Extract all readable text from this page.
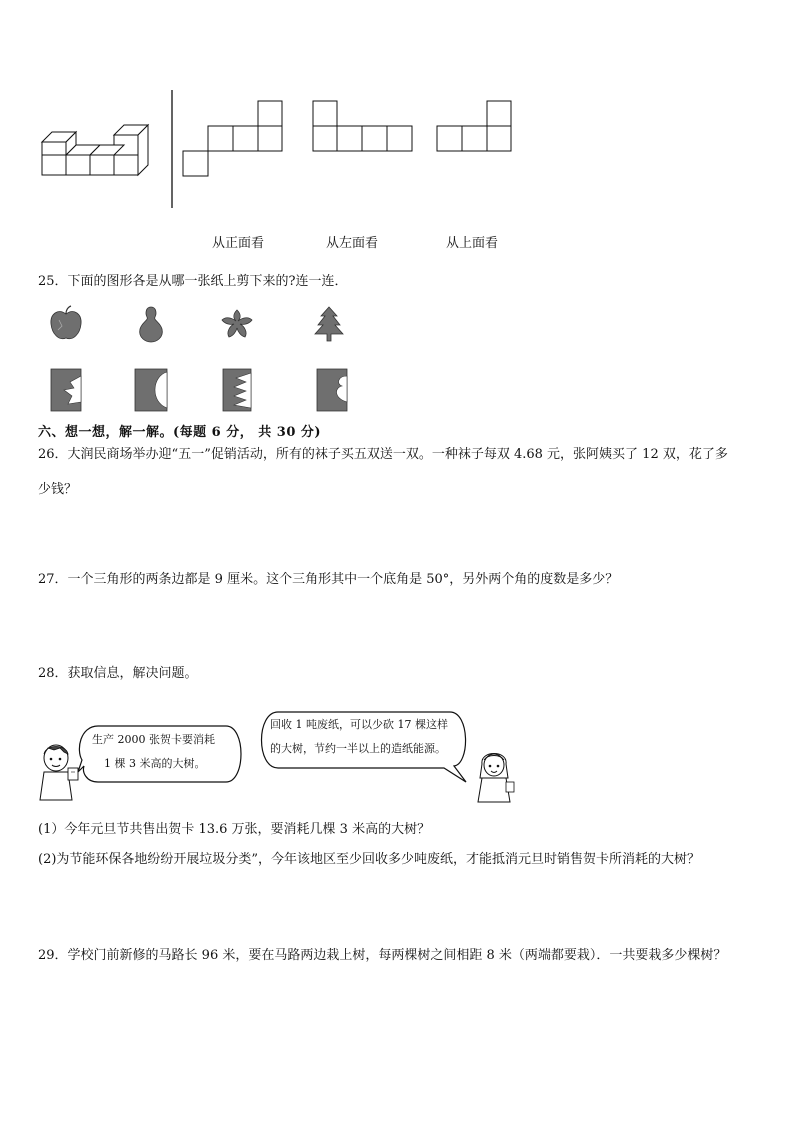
从正面看	从左面看	从上面看
25．下面的图形各是从哪一张纸上剪下来的?连一连．
六、想一想，解一解。(每题 6 分， 共 30 分)
26．大润民商场举办迎“五一”促销活动，所有的袜子买五双送一双。一种袜子每双 4.68 元，张阿姨买了 12 双，花了多
少钱？
27．一个三角形的两条边都是 9 厘米。这个三角形其中一个底角是 50°，另外两个角的度数是多少？
28．获取信息，解决问题。
生产 2000 张贺卡要消耗
1 棵 3 米高的大树。
回收 1 吨废纸，可以少砍 17 棵这样
的大树，节约一半以上的造纸能源。
(1）今年元旦节共售出贺卡 13.6 万张，要消耗几棵 3 米高的大树？
(2)为节能环保各地纷纷开展垃圾分类”，今年该地区至少回收多少吨废纸，才能抵消元旦时销售贺卡所消耗的大树？
29．学校门前新修的马路长 96 米，要在马路两边栽上树，每两棵树之间相距 8 米（两端都要栽）．一共要栽多少棵树？
